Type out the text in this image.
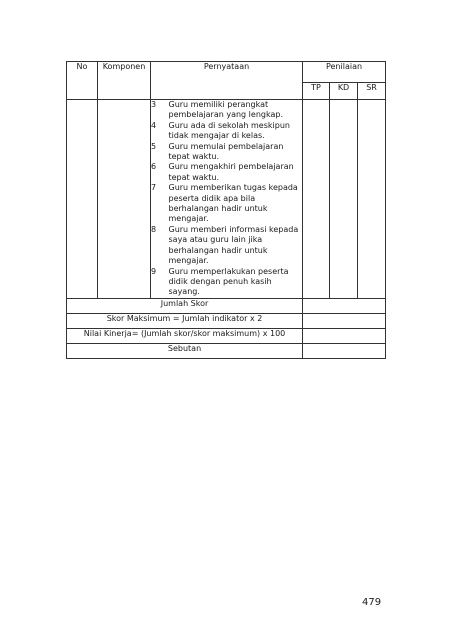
No	Komponen	Pernyataan		Penilaian		
				TP	KD	SR
		3	Guru memiliki perangkat pembelajaran yang lengkap.			
		4	Guru ada di sekolah meskipun tidak mengajar di kelas.			
		5	Guru memulai pembelajaran tepat waktu.			
		6	Guru mengakhiri pembelajaran tepat waktu.			
		7	Guru memberikan tugas kepada peserta didik apa bila berhalangan hadir untuk mengajar.			
		8	Guru memberi informasi kepada saya atau guru lain jika berhalangan hadir untuk mengajar.			
		9	Guru memperlakukan peserta didik dengan penuh kasih sayang.			
Jumlah Skor						
Skor Maksimum = Jumlah indikator x 2						
Nilai Kinerja= (Jumlah skor/skor maksimum) x 100						
Sebutan						
479
